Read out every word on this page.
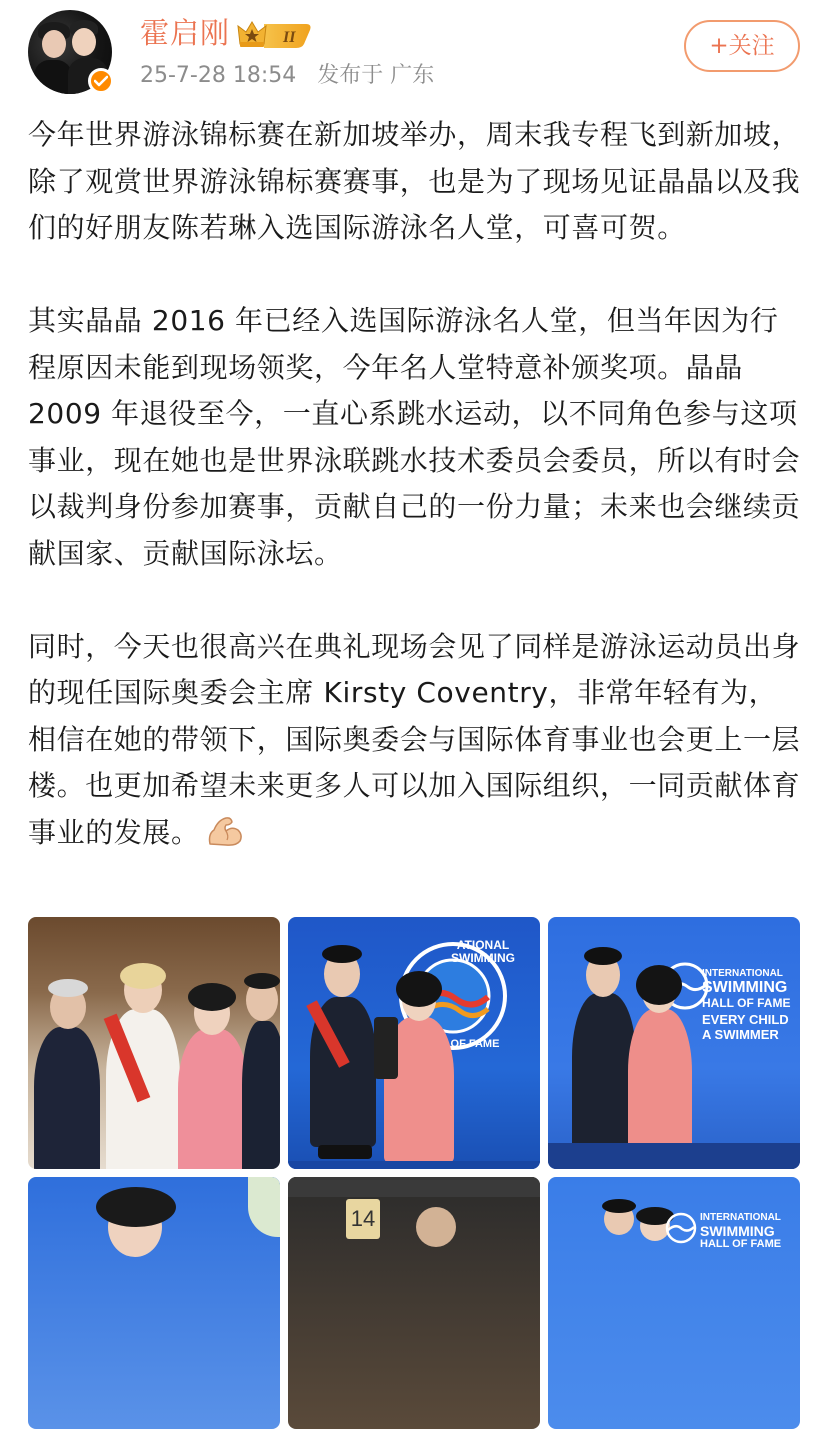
霍启刚	II
25-7-28 18:54 发布于 广东
+关注

今年世界游泳锦标赛在新加坡举办，周末我专程飞到新加坡，除了观赏世界游泳锦标赛赛事，也是为了现场见证晶晶以及我们的好朋友陈若琳入选国际游泳名人堂，可喜可贺。

其实晶晶 2016 年已经入选国际游泳名人堂，但当年因为行程原因未能到现场领奖，今年名人堂特意补颁奖项。晶晶 2009 年退役至今，一直心系跳水运动，以不同角色参与这项事业，现在她也是世界泳联跳水技术委员会委员，所以有时会以裁判身份参加赛事，贡献自己的一份力量；未来也会继续贡献国家、贡献国际泳坛。

同时，今天也很高兴在典礼现场会见了同样是游泳运动员出身的现任国际奥委会主席 Kirsty Coventry，非常年轻有为，相信在她的带领下，国际奥委会与国际体育事业也会更上一层楼。也更加希望未来更多人可以加入国际组织，一同贡献体育事业的发展。

ATIONAL SWIMMING
OF FAME
INTERNATIONAL
SWIMMING
HALL OF FAME
EVERY CHILD
A SWIMMER
14	INTERNATIONAL
SWIMMING
HALL OF FAME
